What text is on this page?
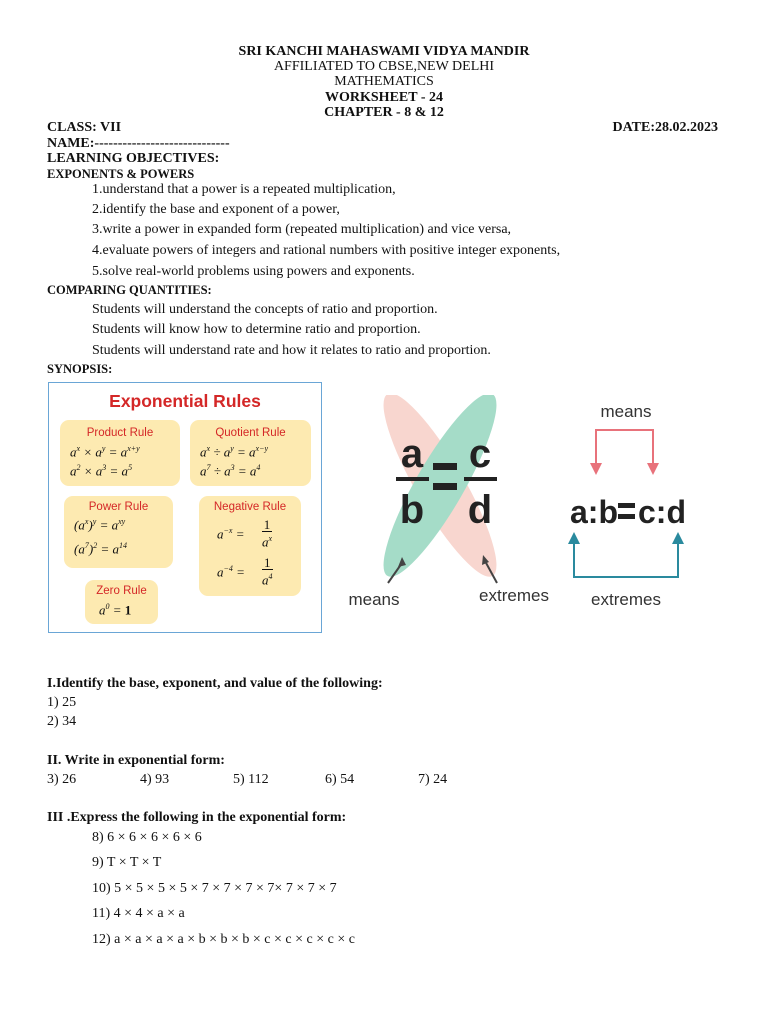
SRI KANCHI MAHASWAMI VIDYA MANDIR
AFFILIATED TO CBSE,NEW DELHI
MATHEMATICS
WORKSHEET - 24
CHAPTER - 8 & 12
CLASS: VII	DATE:28.02.2023
NAME:-----------------------------
LEARNING OBJECTIVES:
EXPONENTS & POWERS
1.understand that a power is a repeated multiplication,
2.identify the base and exponent of a power,
3.write a power in expanded form (repeated multiplication) and vice versa,
4.evaluate powers of integers and rational numbers with positive integer exponents,
5.solve real-world problems using powers and exponents.
COMPARING QUANTITIES:
Students will understand the concepts of ratio and proportion.
Students will know how to determine ratio and proportion.
Students will understand rate and how it relates to ratio and proportion.
SYNOPSIS:
Exponential Rules
Product Rule
$a^x \times a^y = a^{x+y}$
$a^2 \times a^3 = a^5$
Quotient Rule
$a^x \div a^y = a^{x-y}$
$a^7 \div a^3 = a^4$
Power Rule
$(a^x)^y = a^{xy}$
$(a^7)^2 = a^{14}$
Negative Rule
$a^{-x}$ =
1
$a^x$
$a^{-4}$ =
1
$a^4$
Zero Rule
$a^0 = 1$
a
b
c
d
means	extremes
means
a:b c:d
extremes
I.Identify the base, exponent, and value of the following:
1) 25
2) 34
II. Write in exponential form:
3) 26	4) 93	5) 112	6) 54	7) 24
III .Express the following in the exponential form:
8) 6 × 6 × 6 × 6 × 6
9) T × T × T
10) 5 × 5 × 5 × 5 × 7 × 7 × 7 × 7× 7 × 7 × 7
11) 4 × 4 × a × a
12) a × a × a × a × b × b × b × c × c × c × c × c
